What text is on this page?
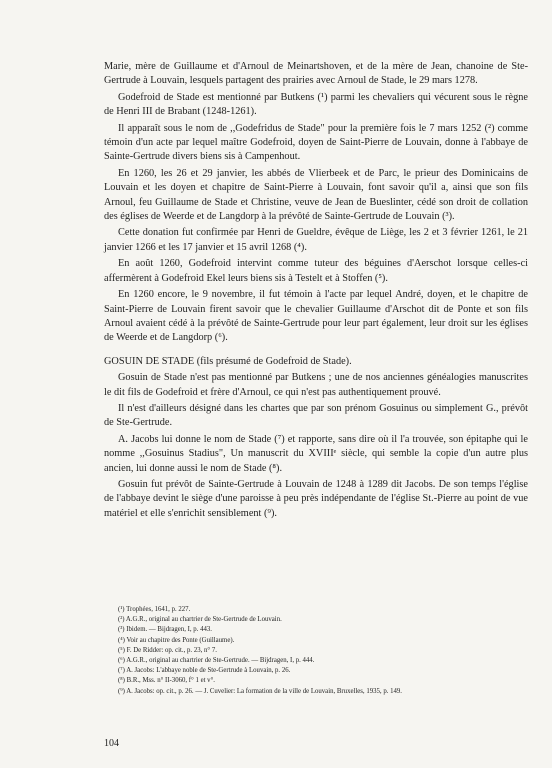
Marie, mère de Guillaume et d'Arnoul de Meinartshoven, et de la mère de Jean, chanoine de Ste-Gertrude à Louvain, lesquels partagent des prairies avec Arnoul de Stade, le 29 mars 1278.

Godefroid de Stade est mentionné par Butkens (¹) parmi les chevaliers qui vécurent sous le règne de Henri III de Brabant (1248-1261).

Il apparaît sous le nom de ,,Godefridus de Stade" pour la première fois le 7 mars 1252 (²) comme témoin d'un acte par lequel maître Godefroid, doyen de Saint-Pierre de Louvain, donne à l'abbaye de Sainte-Gertrude divers biens sis à Campenhout.

En 1260, les 26 et 29 janvier, les abbés de Vlierbeek et de Parc, le prieur des Dominicains de Louvain et les doyen et chapitre de Saint-Pierre à Louvain, font savoir qu'il a, ainsi que son fils Arnoul, feu Guillaume de Stade et Christine, veuve de Jean de Bueslinter, cédé son droit de collation des églises de Weerde et de Langdorp à la prévôté de Sainte-Gertrude de Louvain (³).

Cette donation fut confirmée par Henri de Gueldre, évêque de Liège, les 2 et 3 février 1261, le 21 janvier 1266 et les 17 janvier et 15 avril 1268 (⁴).

En août 1260, Godefroid intervint comme tuteur des béguines d'Aerschot lorsque celles-ci affermèrent à Godefroid Ekel leurs biens sis à Testelt et à Stoffen (⁵).

En 1260 encore, le 9 novembre, il fut témoin à l'acte par lequel André, doyen, et le chapitre de Saint-Pierre de Louvain firent savoir que le chevalier Guillaume d'Arschot dit de Ponte et son fils Arnoul avaient cédé à la prévôté de Sainte-Gertrude pour leur part également, leur droit sur les églises de Weerde et de Langdorp (⁶).

GOSUIN DE STADE (fils présumé de Godefroid de Stade).

Gosuin de Stade n'est pas mentionné par Butkens ; une de nos anciennes généalogies manuscrites le dit fils de Godefroid et frère d'Arnoul, ce qui n'est pas authentiquement prouvé.

Il n'est d'ailleurs désigné dans les chartes que par son prénom Gosuinus ou simplement G., prévôt de Ste-Gertrude.

A. Jacobs lui donne le nom de Stade (⁷) et rapporte, sans dire où il l'a trouvée, son épitaphe qui le nomme ,,Gosuinus Stadius", Un manuscrit du XVIIIᵉ siècle, qui semble la copie d'un autre plus ancien, lui donne aussi le nom de Stade (⁸).

Gosuin fut prévôt de Sainte-Gertrude à Louvain de 1248 à 1289 dit Jacobs. De son temps l'église de l'abbaye devint le siège d'une paroisse à peu près indépendante de l'église St.-Pierre au point de vue matériel et elle s'enrichit sensiblement (⁹).

(¹) Trophées, 1641, p. 227.
(²) A.G.R., original au chartrier de Ste-Gertrude de Louvain.
(³) Ibidem. — Bijdragen, I, p. 443.
(⁴) Voir au chapitre des Ponte (Guillaume).
(⁵) F. De Ridder: op. cit., p. 23, n° 7.
(⁶) A.G.R., original au chartrier de Ste-Gertrude. — Bijdragen, I, p. 444.
(⁷) A. Jacobs: L'abbaye noble de Ste-Gertrude à Louvain, p. 26.
(⁸) B.R., Mss. n° II-3060, f° 1 et v°.
(⁹) A. Jacobs: op. cit., p. 26. — J. Cuvelier: La formation de la ville de Louvain, Bruxelles, 1935, p. 149.
104
